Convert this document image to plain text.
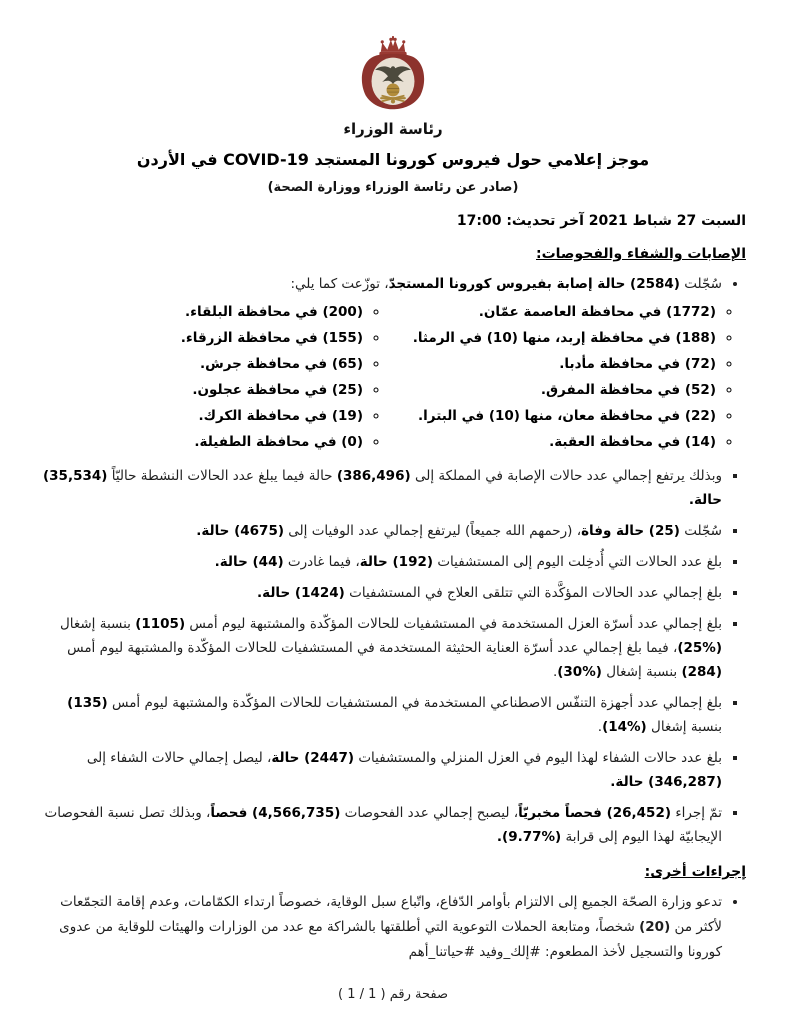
رئاسة الوزراء
موجز إعلامي حول فيروس كورونا المستجد COVID-19 في الأردن
(صادر عن رئاسة الوزراء ووزارة الصحة)
السبت 27 شباط 2021 آخر تحديث: 17:00
الإصابات والشفاء والفحوصات:
• سُجّلت (2584) حالة إصابة بفيروس كورونا المستجدّ، توزّعت كما يلي:
◦ (1772) في محافظة العاصمة عمّان.
◦ (188) في محافظة إربد، منها (10) في الرمثا.
◦ (72) في محافظة مأدبا.
◦ (52) في محافظة المفرق.
◦ (22) في محافظة معان، منها (10) في البترا.
◦ (14) في محافظة العقبة.
◦ (200) في محافظة البلقاء.
◦ (155) في محافظة الزرقاء.
◦ (65) في محافظة جرش.
◦ (25) في محافظة عجلون.
◦ (19) في محافظة الكرك.
◦ (0) في محافظة الطفيلة.
▪ وبذلك يرتفع إجمالي عدد حالات الإصابة في المملكة إلى (386,496) حالة فيما يبلغ عدد الحالات النشطة حاليّاً (35,534) حالة.
▪ سُجّلت (25) حالة وفاة، (رحمهم الله جميعاً) ليرتفع إجمالي عدد الوفيات إلى (4675) حالة.
▪ بلغ عدد الحالات التي أُدخِلت اليوم إلى المستشفيات (192) حالة، فيما غادرت (44) حالة.
▪ بلغ إجمالي عدد الحالات المؤكَّدة التي تتلقى العلاج في المستشفيات (1424) حالة.
▪ بلغ إجمالي عدد أسرّة العزل المستخدمة في المستشفيات للحالات المؤكّدة والمشتبهة ليوم أمس (1105) بنسبة إشغال (%25)، فيما بلغ إجمالي عدد أسرّة العناية الحثيثة المستخدمة في المستشفيات للحالات المؤكّدة والمشتبهة ليوم أمس (284) بنسبة إشغال (%30).
▪ بلغ إجمالي عدد أجهزة التنفّس الاصطناعي المستخدمة في المستشفيات للحالات المؤكّدة والمشتبهة ليوم أمس (135) بنسبة إشغال (%14).
▪ بلغ عدد حالات الشفاء لهذا اليوم في العزل المنزلي والمستشفيات (2447) حالة، ليصل إجمالي حالات الشفاء إلى (346,287) حالة.
▪ تمّ إجراء (26,452) فحصاً مخبريّاً، ليصبح إجمالي عدد الفحوصات (4,566,735) فحصاً، وبذلك تصل نسبة الفحوصات الإيجابيّة لهذا اليوم إلى قرابة (%9.77).
إجراءات أخرى:
• تدعو وزارة الصحّة الجميع إلى الالتزام بأوامر الدّفاع، واتّباع سبل الوقاية، خصوصاً ارتداء الكمّامات، وعدم إقامة التجمّعات لأكثر من (20) شخصاً، ومتابعة الحملات التوعوية التي أطلقتها بالشراكة مع عدد من الوزارات والهيئات للوقاية من عدوى كورونا والتسجيل لأخذ المطعوم: #إلك_وفيد #حياتنا_أهم
صفحة رقم ( 1 / 1 )
